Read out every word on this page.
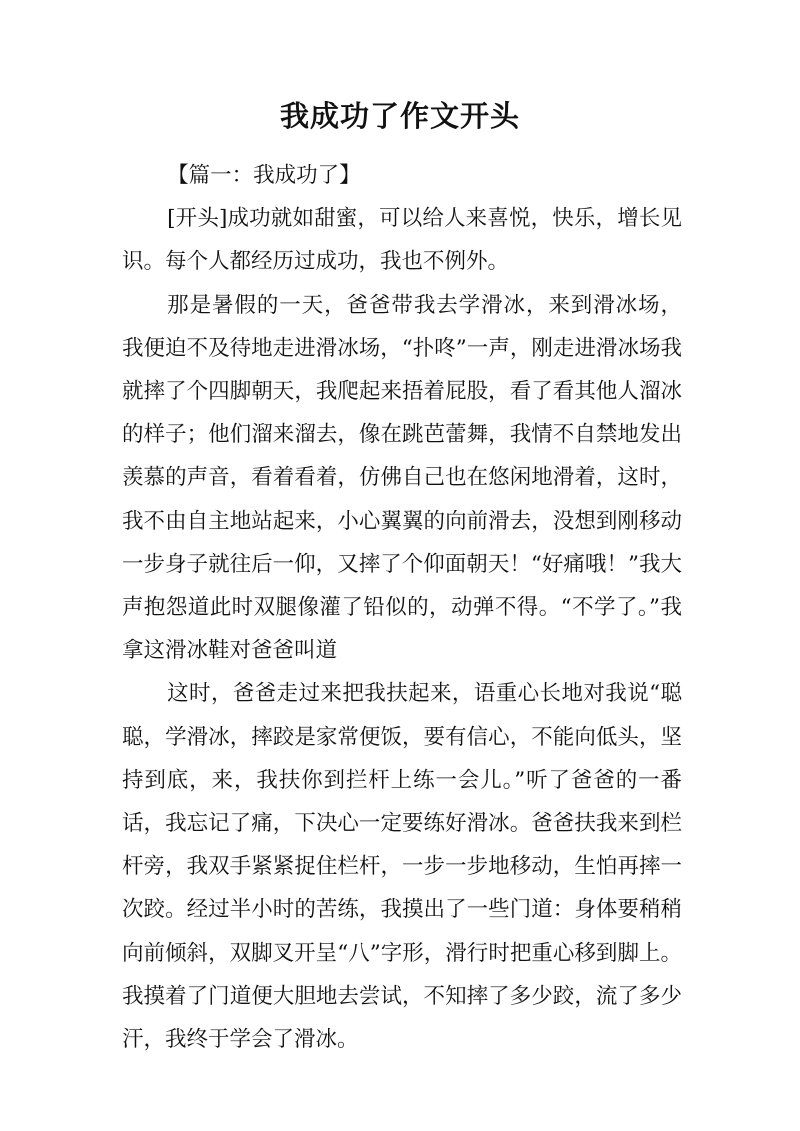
我成功了作文开头

【篇一：我成功了】

[开头]成功就如甜蜜，可以给人来喜悦，快乐，增长见识。每个人都经历过成功，我也不例外。

那是暑假的一天，爸爸带我去学滑冰，来到滑冰场，我便迫不及待地走进滑冰场，“扑咚”一声，刚走进滑冰场我就摔了个四脚朝天，我爬起来捂着屁股，看了看其他人溜冰的样子；他们溜来溜去，像在跳芭蕾舞，我情不自禁地发出羡慕的声音，看着看着，仿佛自己也在悠闲地滑着，这时，我不由自主地站起来，小心翼翼的向前滑去，没想到刚移动一步身子就往后一仰，又摔了个仰面朝天！“好痛哦！”我大声抱怨道此时双腿像灌了铅似的，动弹不得。“不学了。”我拿这滑冰鞋对爸爸叫道

这时，爸爸走过来把我扶起来，语重心长地对我说“聪聪，学滑冰，摔跤是家常便饭，要有信心，不能向低头，坚持到底，来，我扶你到拦杆上练一会儿。”听了爸爸的一番话，我忘记了痛，下决心一定要练好滑冰。爸爸扶我来到栏杆旁，我双手紧紧捉住栏杆，一步一步地移动，生怕再摔一次跤。经过半小时的苦练，我摸出了一些门道：身体要稍稍向前倾斜，双脚叉开呈“八”字形，滑行时把重心移到脚上。我摸着了门道便大胆地去尝试，不知摔了多少跤，流了多少汗，我终于学会了滑冰。
